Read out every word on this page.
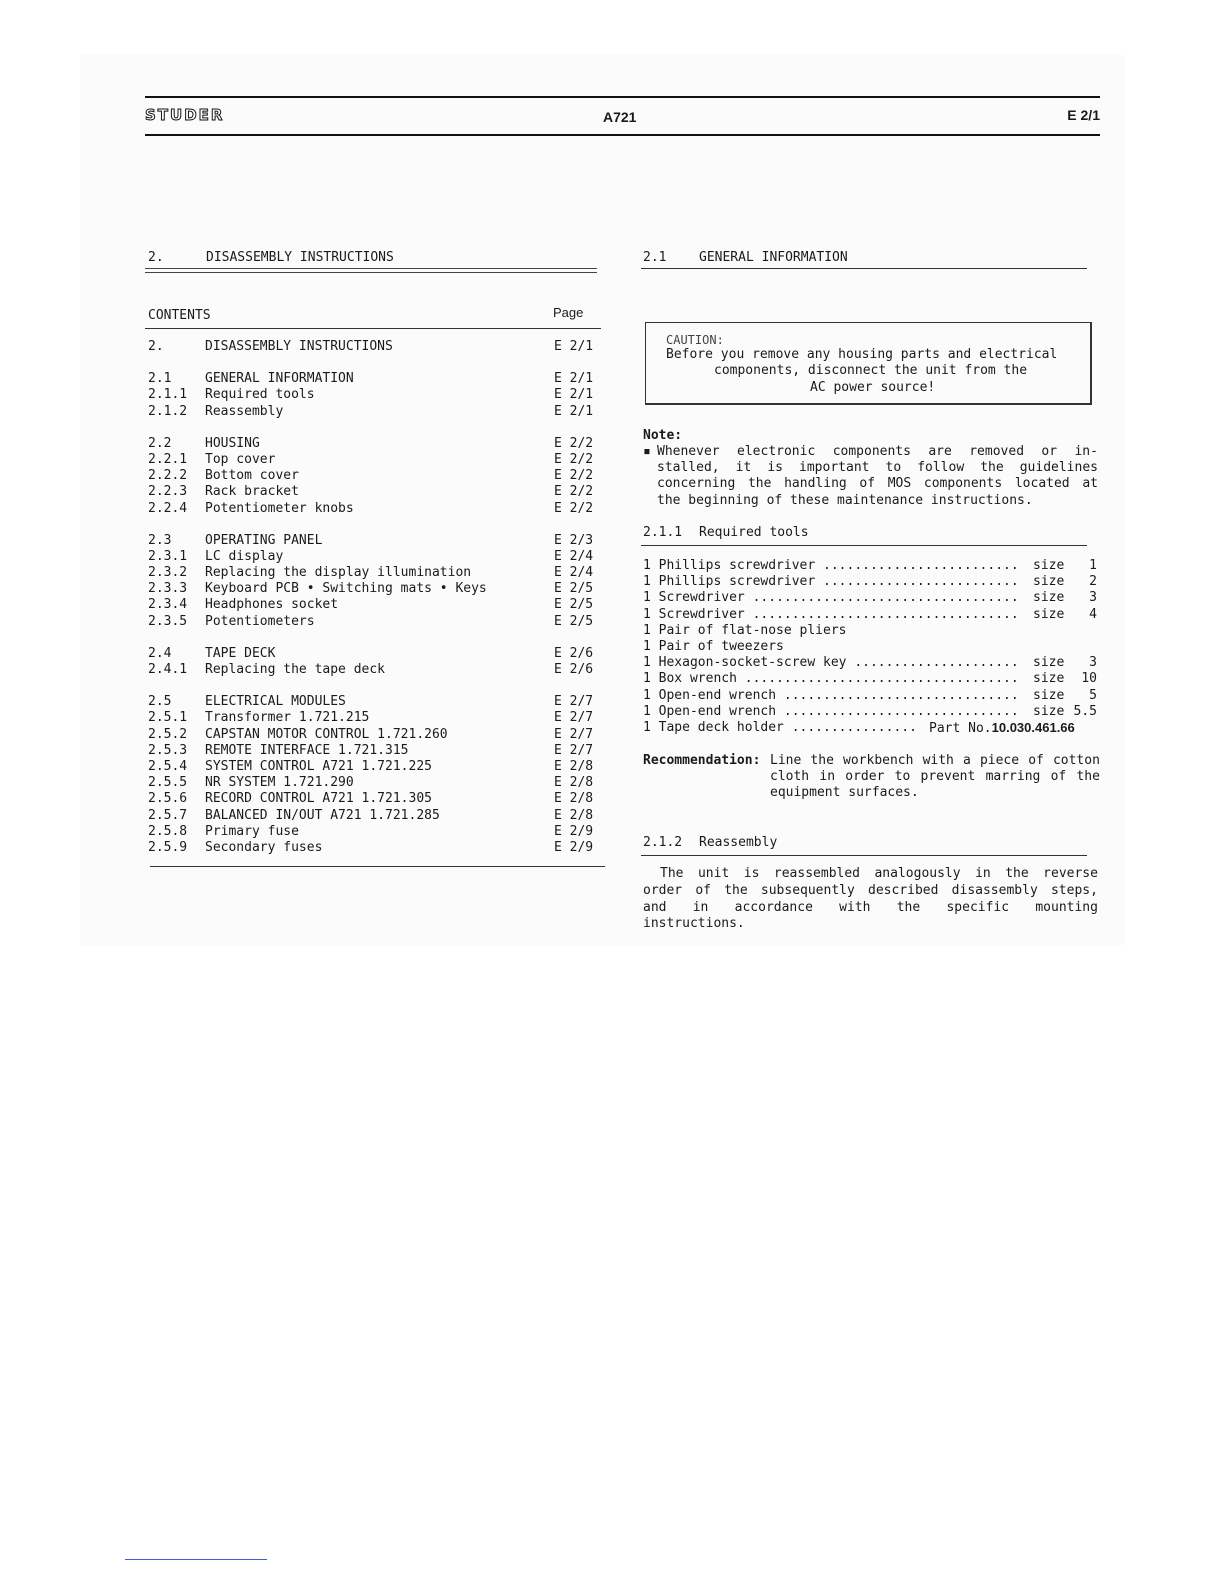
STUDER	A721	E 2/1
2.	DISASSEMBLY INSTRUCTIONS
CONTENTS	Page
2.	DISASSEMBLY INSTRUCTIONS	E 2/1
2.1	GENERAL INFORMATION	E 2/1
2.1.1 Required tools	E 2/1
2.1.2 Reassembly	E 2/1
2.2	HOUSING	E 2/2
2.2.1 Top cover	E 2/2
2.2.2 Bottom cover	E 2/2
2.2.3 Rack bracket	E 2/2
2.2.4 Potentiometer knobs	E 2/2
2.3	OPERATING PANEL	E 2/3
2.3.1 LC display	E 2/4
2.3.2 Replacing the display illumination	E 2/4
2.3.3 Keyboard PCB • Switching mats • Keys	E 2/5
2.3.4 Headphones socket	E 2/5
2.3.5 Potentiometers	E 2/5
2.4	TAPE DECK	E 2/6
2.4.1 Replacing the tape deck	E 2/6
2.5	ELECTRICAL MODULES	E 2/7
2.5.1 Transformer 1.721.215	E 2/7
2.5.2 CAPSTAN MOTOR CONTROL 1.721.260	E 2/7
2.5.3 REMOTE INTERFACE 1.721.315	E 2/7
2.5.4 SYSTEM CONTROL A721 1.721.225	E 2/8
2.5.5 NR SYSTEM 1.721.290	E 2/8
2.5.6 RECORD CONTROL A721 1.721.305	E 2/8
2.5.7 BALANCED IN/OUT A721 1.721.285	E 2/8
2.5.8 Primary fuse	E 2/9
2.5.9 Secondary fuses	E 2/9
2.1	GENERAL INFORMATION
CAUTION:
Before you remove any housing parts and electrical
components, disconnect the unit from the
AC power source!
Note:
▪ Whenever electronic components are removed or in-
stalled, it is important to follow the guidelines
concerning the handling of MOS components located at
the beginning of these maintenance instructions.
2.1.1 Required tools
1 Phillips screwdriver ......................... size 1
1 Phillips screwdriver ......................... size 2
1 Screwdriver .................................. size 3
1 Screwdriver .................................. size 4
1 Pair of flat-nose pliers
1 Pair of tweezers
1 Hexagon-socket-screw key ..................... size 3
1 Box wrench ................................... size 10
1 Open-end wrench .............................. size 5
1 Open-end wrench .............................. size 5.5
1 Tape deck holder ................ Part No.10.030.461.66
Recommendation: Line the workbench with a piece of cotton
cloth in order to prevent marring of the
equipment surfaces.
2.1.2 Reassembly
The unit is reassembled analogously in the reverse
order of the subsequently described disassembly steps,
and in accordance with the specific mounting
instructions.
